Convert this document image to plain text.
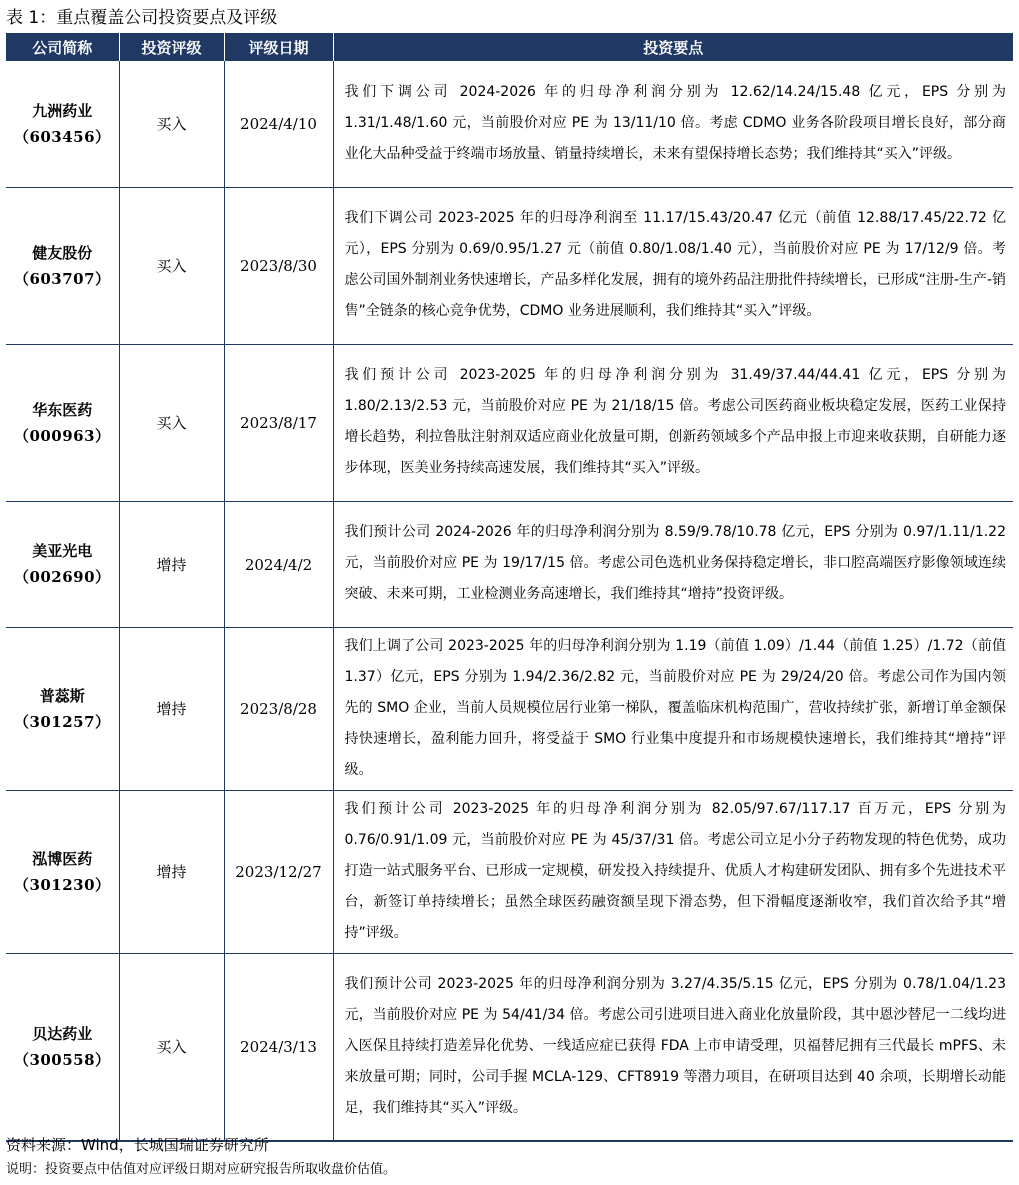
表 1：重点覆盖公司投资要点及评级
公司简称	投资评级	评级日期	投资要点

九洲药业
（603456）	买入	2024/4/10	我们下调公司 2024-2026 年的归母净利润分别为 12.62/14.24/15.48 亿元，EPS 分别为 1.31/1.48/1.60 元，当前股价对应 PE 为 13/11/10 倍。考虑 CDMO 业务各阶段项目增长良好，部分商业化大品种受益于终端市场放量、销量持续增长，未来有望保持增长态势；我们维持其“买入”评级。

健友股份
（603707）	买入	2023/8/30	我们下调公司 2023-2025 年的归母净利润至 11.17/15.43/20.47 亿元（前值 12.88/17.45/22.72 亿元），EPS 分别为 0.69/0.95/1.27 元（前值 0.80/1.08/1.40 元），当前股价对应 PE 为 17/12/9 倍。考虑公司国外制剂业务快速增长，产品多样化发展，拥有的境外药品注册批件持续增长，已形成“注册-生产-销售”全链条的核心竞争优势，CDMO 业务进展顺利，我们维持其“买入”评级。

华东医药
（000963）	买入	2023/8/17	我们预计公司 2023-2025 年的归母净利润分别为 31.49/37.44/44.41 亿元，EPS 分别为 1.80/2.13/2.53 元，当前股价对应 PE 为 21/18/15 倍。考虑公司医药商业板块稳定发展，医药工业保持增长趋势，利拉鲁肽注射剂双适应商业化放量可期，创新药领域多个产品申报上市迎来收获期，自研能力逐步体现，医美业务持续高速发展，我们维持其“买入”评级。

美亚光电
（002690）	增持	2024/4/2	我们预计公司 2024-2026 年的归母净利润分别为 8.59/9.78/10.78 亿元，EPS 分别为 0.97/1.11/1.22 元，当前股价对应 PE 为 19/17/15 倍。考虑公司色选机业务保持稳定增长，非口腔高端医疗影像领域连续突破、未来可期，工业检测业务高速增长，我们维持其“增持”投资评级。

普蕊斯
（301257）	增持	2023/8/28	我们上调了公司 2023-2025 年的归母净利润分别为 1.19（前值 1.09）/1.44（前值 1.25）/1.72（前值 1.37）亿元，EPS 分别为 1.94/2.36/2.82 元，当前股价对应 PE 为 29/24/20 倍。考虑公司作为国内领先的 SMO 企业，当前人员规模位居行业第一梯队，覆盖临床机构范围广，营收持续扩张，新增订单金额保持快速增长，盈利能力回升，将受益于 SMO 行业集中度提升和市场规模快速增长，我们维持其“增持”评级。

泓博医药
（301230）	增持	2023/12/27	我们预计公司 2023-2025 年的归母净利润分别为 82.05/97.67/117.17 百万元，EPS 分别为 0.76/0.91/1.09 元，当前股价对应 PE 为 45/37/31 倍。考虑公司立足小分子药物发现的特色优势，成功打造一站式服务平台、已形成一定规模，研发投入持续提升、优质人才构建研发团队、拥有多个先进技术平台，新签订单持续增长；虽然全球医药融资额呈现下滑态势，但下滑幅度逐渐收窄，我们首次给予其“增持”评级。

贝达药业
（300558）	买入	2024/3/13	我们预计公司 2023-2025 年的归母净利润分别为 3.27/4.35/5.15 亿元，EPS 分别为 0.78/1.04/1.23 元，当前股价对应 PE 为 54/41/34 倍。考虑公司引进项目进入商业化放量阶段，其中恩沙替尼一二线均进入医保且持续打造差异化优势、一线适应症已获得 FDA 上市申请受理，贝福替尼拥有三代最长 mPFS、未来放量可期；同时，公司手握 MCLA-129、CFT8919 等潜力项目，在研项目达到 40 余项，长期增长动能足，我们维持其“买入”评级。
资料来源：Wind，长城国瑞证券研究所
说明：投资要点中估值对应评级日期对应研究报告所取收盘价估值。
